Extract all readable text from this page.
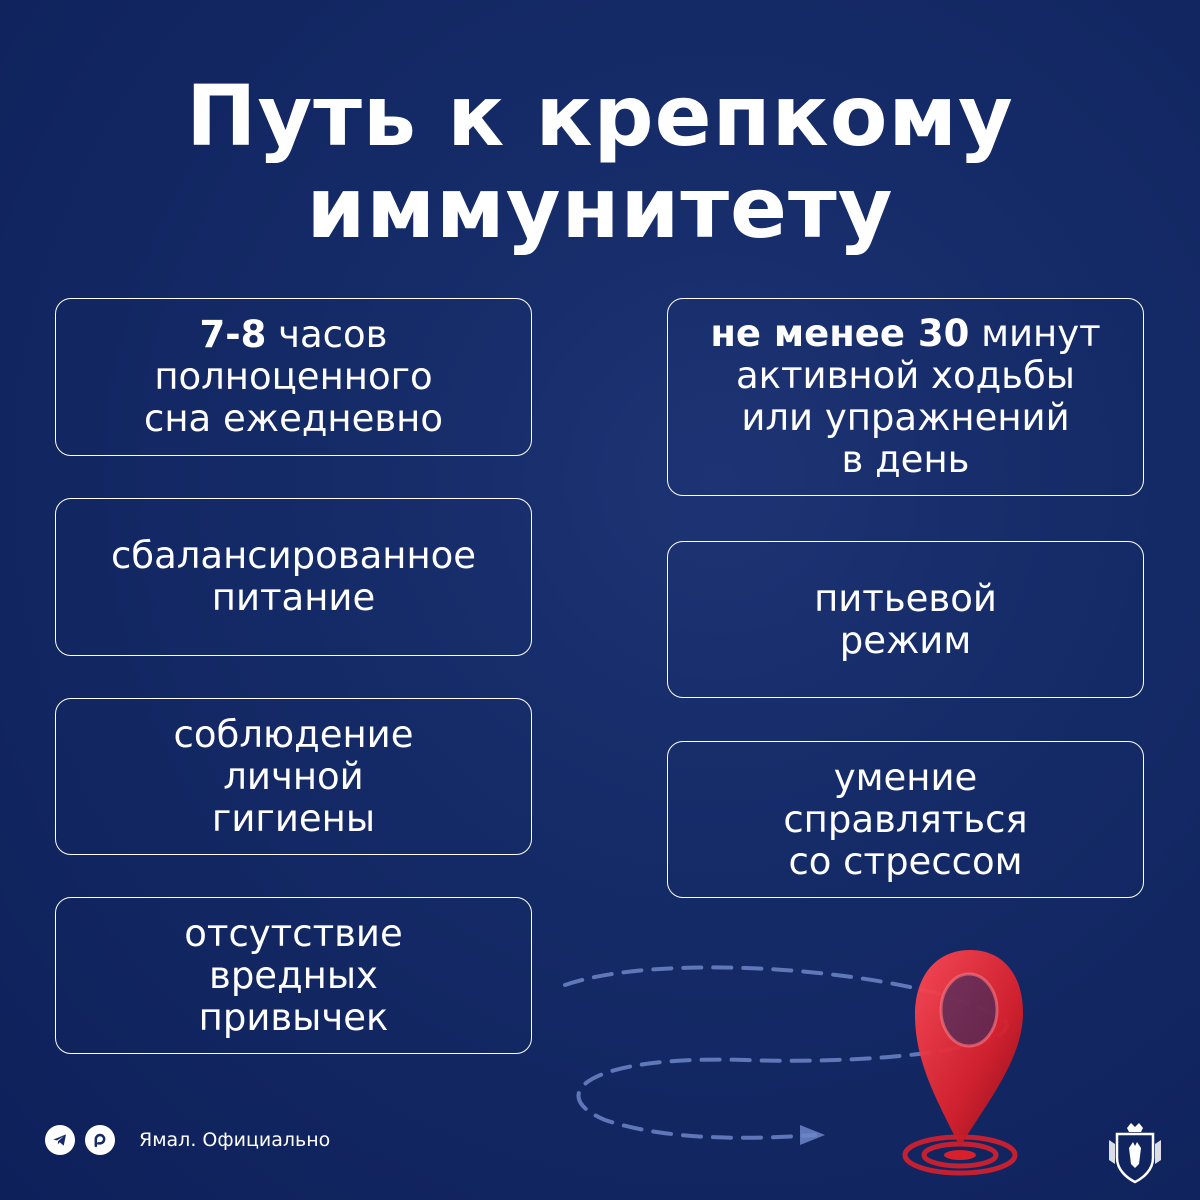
Путь к крепкому
иммунитету
7-8 часов
полноценного
сна ежедневно
сбалансированное
питание
соблюдение
личной
гигиены
отсутствие
вредных
привычек
не менее 30 минут
активной ходьбы
или упражнений
в день
питьевой
режим
умение
справляться
со стрессом
Ямал. Официально
